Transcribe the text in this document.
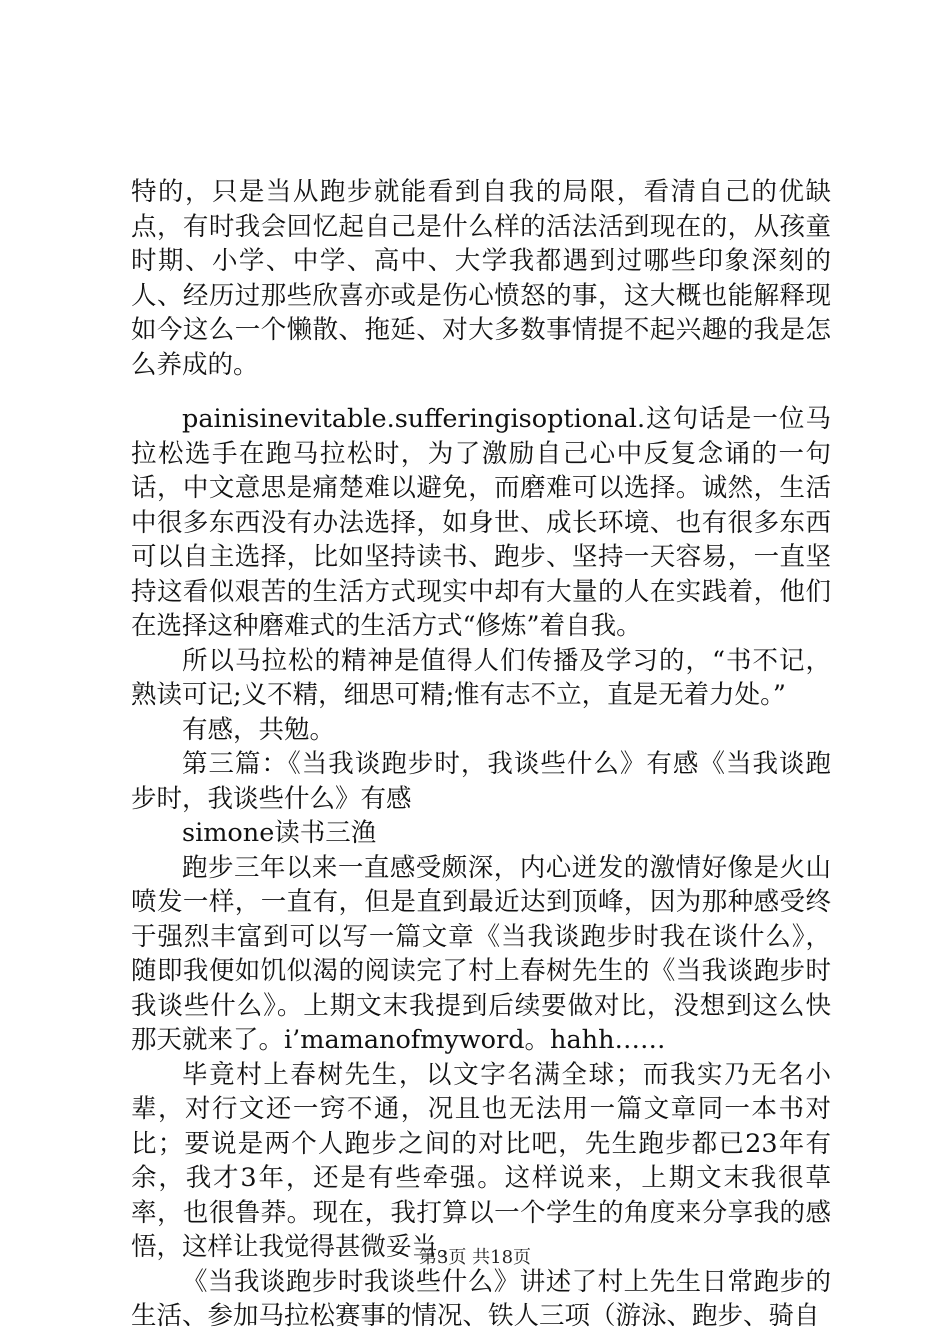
特的，只是当从跑步就能看到自我的局限，看清自己的优缺点，有时我会回忆起自己是什么样的活法活到现在的，从孩童时期、小学、中学、高中、大学我都遇到过哪些印象深刻的人、经历过那些欣喜亦或是伤心愤怒的事，这大概也能解释现如今这么一个懒散、拖延、对大多数事情提不起兴趣的我是怎么养成的。

painisinevitable.sufferingisoptional.这句话是一位马拉松选手在跑马拉松时，为了激励自己心中反复念诵的一句话，中文意思是痛楚难以避免，而磨难可以选择。诚然，生活中很多东西没有办法选择，如身世、成长环境、也有很多东西可以自主选择，比如坚持读书、跑步、坚持一天容易，一直坚持这看似艰苦的生活方式现实中却有大量的人在实践着，他们在选择这种磨难式的生活方式“修炼”着自我。

所以马拉松的精神是值得人们传播及学习的，“书不记，熟读可记;义不精，细思可精;惟有志不立，直是无着力处。”

有感，共勉。

第三篇：《当我谈跑步时，我谈些什么》有感《当我谈跑步时，我谈些什么》有感

simone读书三渔

跑步三年以来一直感受颇深，内心迸发的激情好像是火山喷发一样，一直有，但是直到最近达到顶峰，因为那种感受终于强烈丰富到可以写一篇文章《当我谈跑步时我在谈什么》，随即我便如饥似渴的阅读完了村上春树先生的《当我谈跑步时我谈些什么》。上期文末我提到后续要做对比，没想到这么快那天就来了。i’mamanofmyword。hahh……

毕竟村上春树先生，以文字名满全球；而我实乃无名小辈，对行文还一窍不通，况且也无法用一篇文章同一本书对比；要说是两个人跑步之间的对比吧，先生跑步都已23年有余，我才3年，还是有些牵强。这样说来，上期文末我很草率，也很鲁莽。现在，我打算以一个学生的角度来分享我的感悟，这样让我觉得甚微妥当。

《当我谈跑步时我谈些什么》讲述了村上先生日常跑步的生活、参加马拉松赛事的情况、铁人三项（游泳、跑步、骑自

第3页 共18页
